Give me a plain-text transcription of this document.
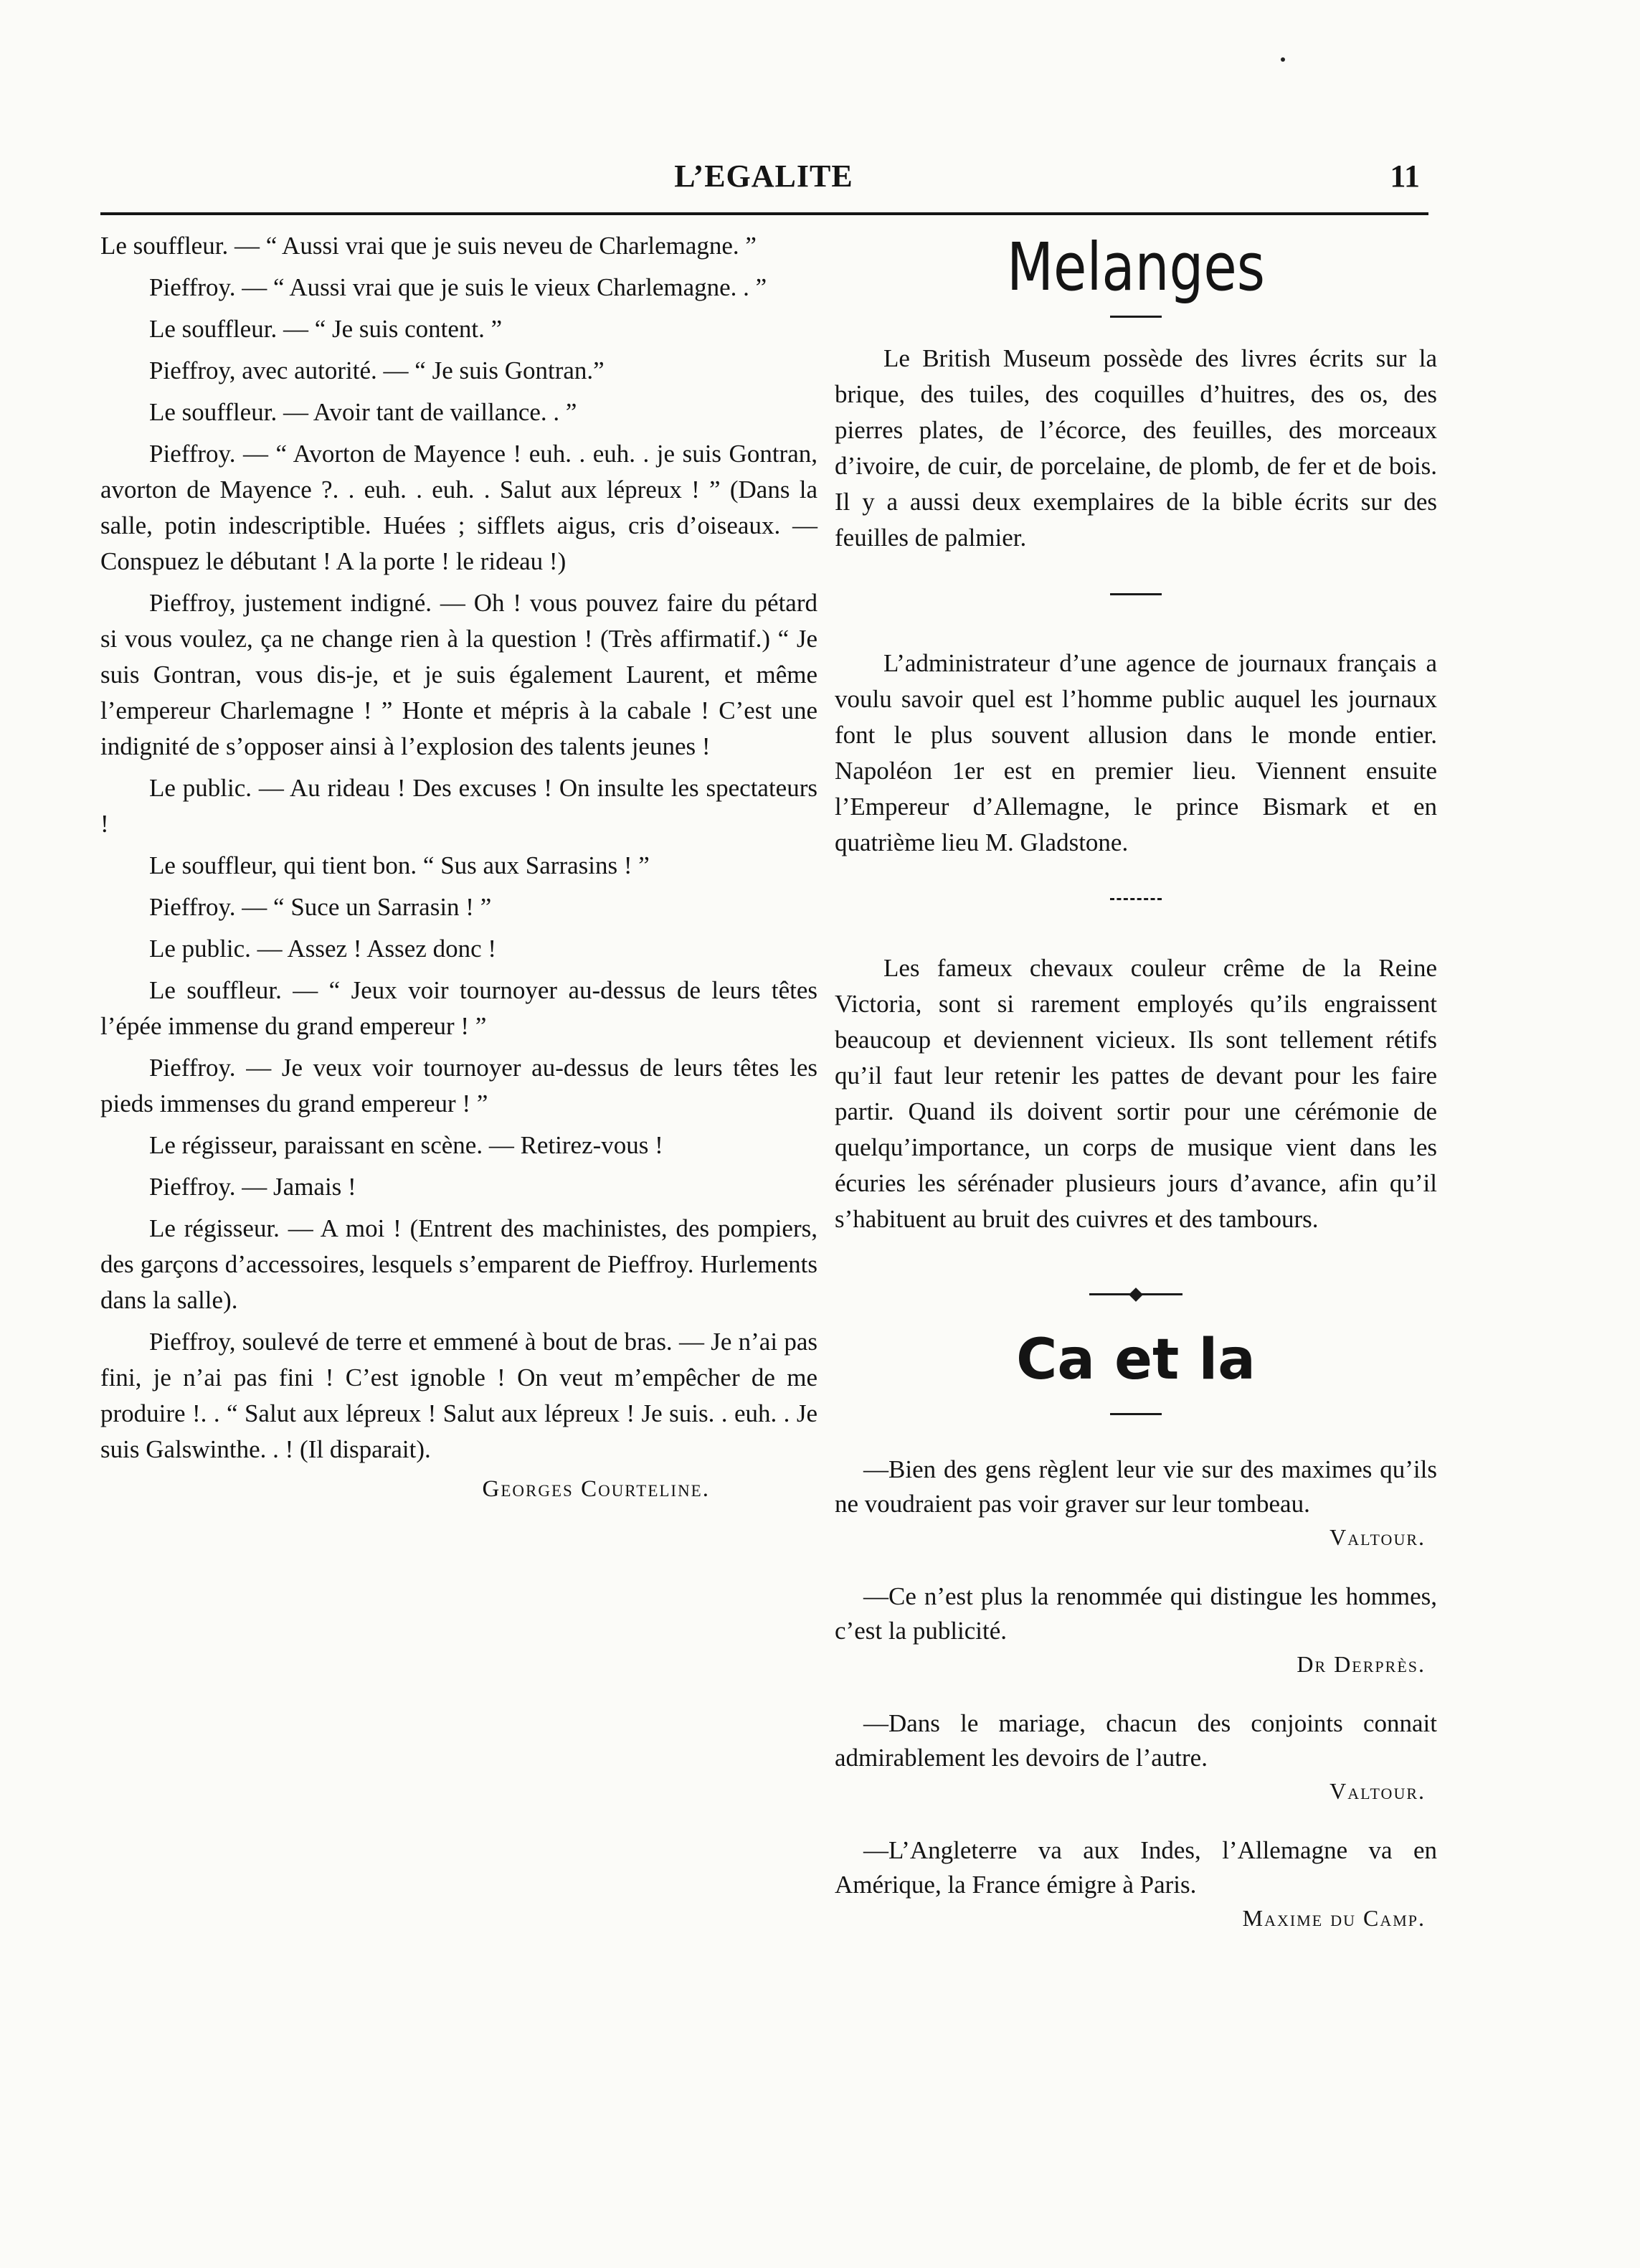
L’EGALITE	11

Le souffleur. — “ Aussi vrai que je suis neveu de Charlemagne. ”

Pieffroy. — “ Aussi vrai que je suis le vieux Charlemagne. . ”

Le souffleur. — “ Je suis content. ”

Pieffroy, avec autorité. — “ Je suis Gontran.”

Le souffleur. — Avoir tant de vaillance. . ”

Pieffroy. — “ Avorton de Mayence ! euh. . euh. . je suis Gontran, avorton de Mayence ?. . euh. . euh. . Salut aux lépreux ! ” (Dans la salle, potin indescriptible. Huées ; sifflets aigus, cris d’oiseaux. — Conspuez le débutant ! A la porte ! le rideau !)

Pieffroy, justement indigné. — Oh ! vous pouvez faire du pétard si vous voulez, ça ne change rien à la question ! (Très affirmatif.) “ Je suis Gontran, vous dis-je, et je suis également Laurent, et même l’empereur Charlemagne ! ” Honte et mépris à la cabale ! C’est une indignité de s’opposer ainsi à l’explosion des talents jeunes !

Le public. — Au rideau ! Des excuses ! On insulte les spectateurs !

Le souffleur, qui tient bon. “ Sus aux Sarrasins ! ”

Pieffroy. — “ Suce un Sarrasin ! ”

Le public. — Assez ! Assez donc !

Le souffleur. — “ Jeux voir tournoyer au-dessus de leurs têtes l’épée immense du grand empereur ! ”

Pieffroy. — Je veux voir tournoyer au-dessus de leurs têtes les pieds immenses du grand empereur ! ”

Le régisseur, paraissant en scène. — Retirez-vous !

Pieffroy. — Jamais !

Le régisseur. — A moi ! (Entrent des machinistes, des pompiers, des garçons d’accessoires, lesquels s’emparent de Pieffroy. Hurlements dans la salle).

Pieffroy, soulevé de terre et emmené à bout de bras. — Je n’ai pas fini, je n’ai pas fini ! C’est ignoble ! On veut m’empêcher de me produire !. . “ Salut aux lépreux ! Salut aux lépreux ! Je suis. . euh. . Je suis Galswinthe. . ! (Il disparait).

Georges Courteline.
Melanges

Le British Museum possède des livres écrits sur la brique, des tuiles, des coquilles d’huitres, des os, des pierres plates, de l’écorce, des feuilles, des morceaux d’ivoire, de cuir, de porcelaine, de plomb, de fer et de bois. Il y a aussi deux exemplaires de la bible écrits sur des feuilles de palmier.

L’administrateur d’une agence de journaux français a voulu savoir quel est l’homme public auquel les journaux font le plus souvent allusion dans le monde entier. Napoléon 1er est en premier lieu. Viennent ensuite l’Empereur d’Allemagne, le prince Bismark et en quatrième lieu M. Gladstone.

Les fameux chevaux couleur crême de la Reine Victoria, sont si rarement employés qu’ils engraissent beaucoup et deviennent vicieux. Ils sont tellement rétifs qu’il faut leur retenir les pattes de devant pour les faire partir. Quand ils doivent sortir pour une cérémonie de quelqu’importance, un corps de musique vient dans les écuries les sérénader plusieurs jours d’avance, afin qu’il s’habituent au bruit des cuivres et des tambours.

Ca et la

—Bien des gens règlent leur vie sur des maximes qu’ils ne voudraient pas voir graver sur leur tombeau.

Valtour.

—Ce n’est plus la renommée qui distingue les hommes, c’est la publicité.

Dr Derprès.

—Dans le mariage, chacun des conjoints connait admirablement les devoirs de l’autre.

Valtour.

—L’Angleterre va aux Indes, l’Allemagne va en Amérique, la France émigre à Paris.

Maxime du Camp.
